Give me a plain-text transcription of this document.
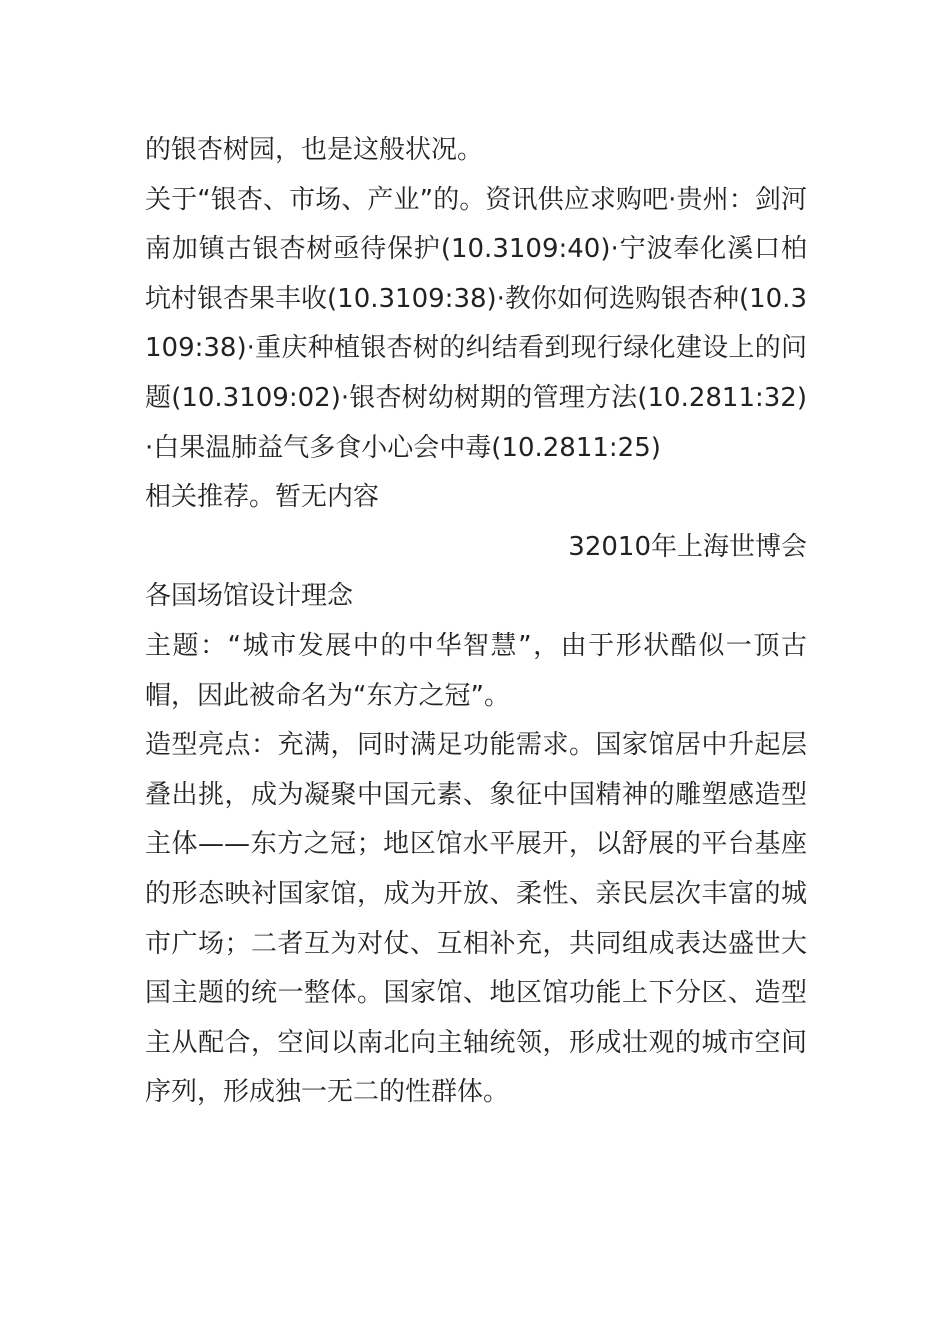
的银杏树园，也是这般状况。

关于“银杏、市场、产业”的。资讯供应求购吧·贵州：剑河南加镇古银杏树亟待保护(10.3109:40)·宁波奉化溪口柏坑村银杏果丰收(10.3109:38)·教你如何选购银杏种(10.3109:38)·重庆种植银杏树的纠结看到现行绿化建设上的问题(10.3109:02)·银杏树幼树期的管理方法(10.2811:32)·白果温肺益气多食小心会中毒(10.2811:25)

相关推荐。暂无内容

32010年上海世博会

各国场馆设计理念

主题：“城市发展中的中华智慧”，由于形状酷似一顶古帽，因此被命名为“东方之冠”。

造型亮点：充满，同时满足功能需求。国家馆居中升起层叠出挑，成为凝聚中国元素、象征中国精神的雕塑感造型主体——东方之冠；地区馆水平展开，以舒展的平台基座的形态映衬国家馆，成为开放、柔性、亲民层次丰富的城市广场；二者互为对仗、互相补充，共同组成表达盛世大国主题的统一整体。国家馆、地区馆功能上下分区、造型主从配合，空间以南北向主轴统领，形成壮观的城市空间序列，形成独一无二的性群体。
